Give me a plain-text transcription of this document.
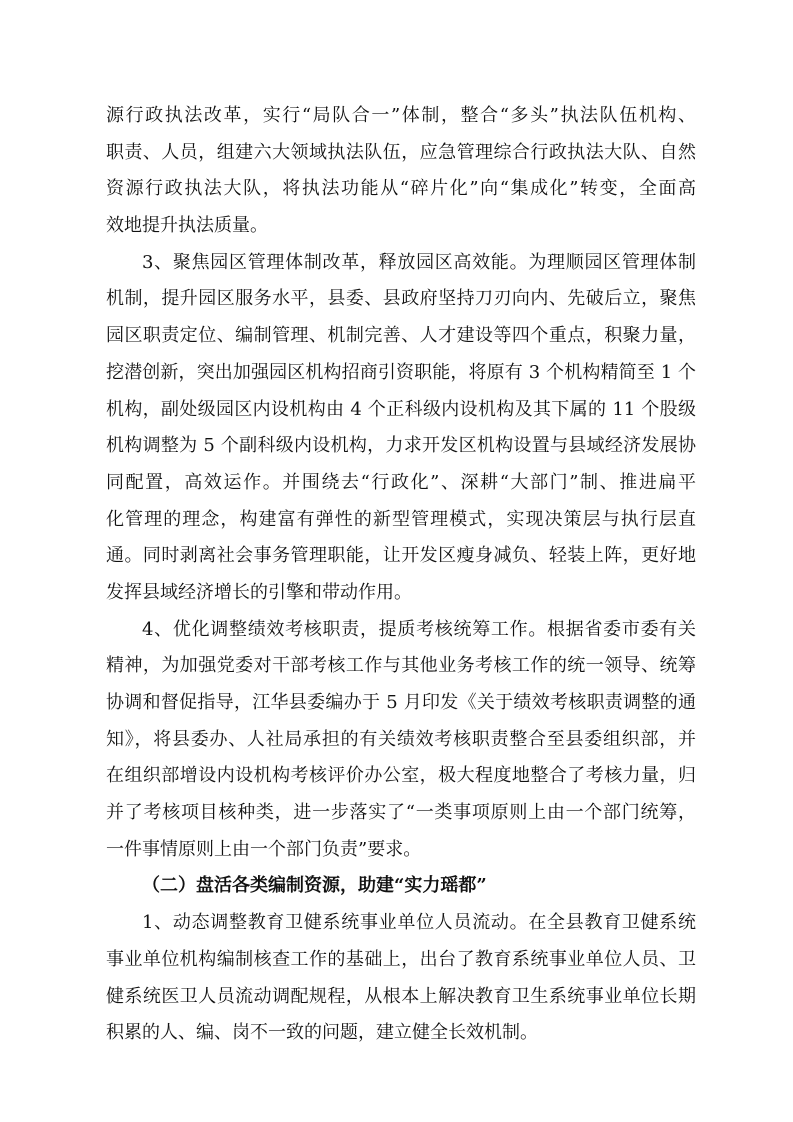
源行政执法改革，实行“局队合一”体制，整合“多头”执法队伍机构、
职责、人员，组建六大领域执法队伍，应急管理综合行政执法大队、自然
资源行政执法大队，将执法功能从“碎片化”向“集成化”转变，全面高
效地提升执法质量。
3、聚焦园区管理体制改革，释放园区高效能。为理顺园区管理体制
机制，提升园区服务水平，县委、县政府坚持刀刃向内、先破后立，聚焦
园区职责定位、编制管理、机制完善、人才建设等四个重点，积聚力量，
挖潜创新，突出加强园区机构招商引资职能，将原有 3 个机构精简至 1 个
机构，副处级园区内设机构由 4 个正科级内设机构及其下属的 11 个股级
机构调整为 5 个副科级内设机构，力求开发区机构设置与县域经济发展协
同配置，高效运作。并围绕去“行政化”、深耕“大部门”制、推进扁平
化管理的理念，构建富有弹性的新型管理模式，实现决策层与执行层直
通。同时剥离社会事务管理职能，让开发区瘦身减负、轻装上阵，更好地
发挥县域经济增长的引擎和带动作用。
4、优化调整绩效考核职责，提质考核统筹工作。根据省委市委有关
精神，为加强党委对干部考核工作与其他业务考核工作的统一领导、统筹
协调和督促指导，江华县委编办于 5 月印发《关于绩效考核职责调整的通
知》，将县委办、人社局承担的有关绩效考核职责整合至县委组织部，并
在组织部增设内设机构考核评价办公室，极大程度地整合了考核力量，归
并了考核项目核种类，进一步落实了“一类事项原则上由一个部门统筹，
一件事情原则上由一个部门负责”要求。
（二）盘活各类编制资源，助建“实力瑶都”
1、动态调整教育卫健系统事业单位人员流动。在全县教育卫健系统
事业单位机构编制核查工作的基础上，出台了教育系统事业单位人员、卫
健系统医卫人员流动调配规程，从根本上解决教育卫生系统事业单位长期
积累的人、编、岗不一致的问题，建立健全长效机制。
